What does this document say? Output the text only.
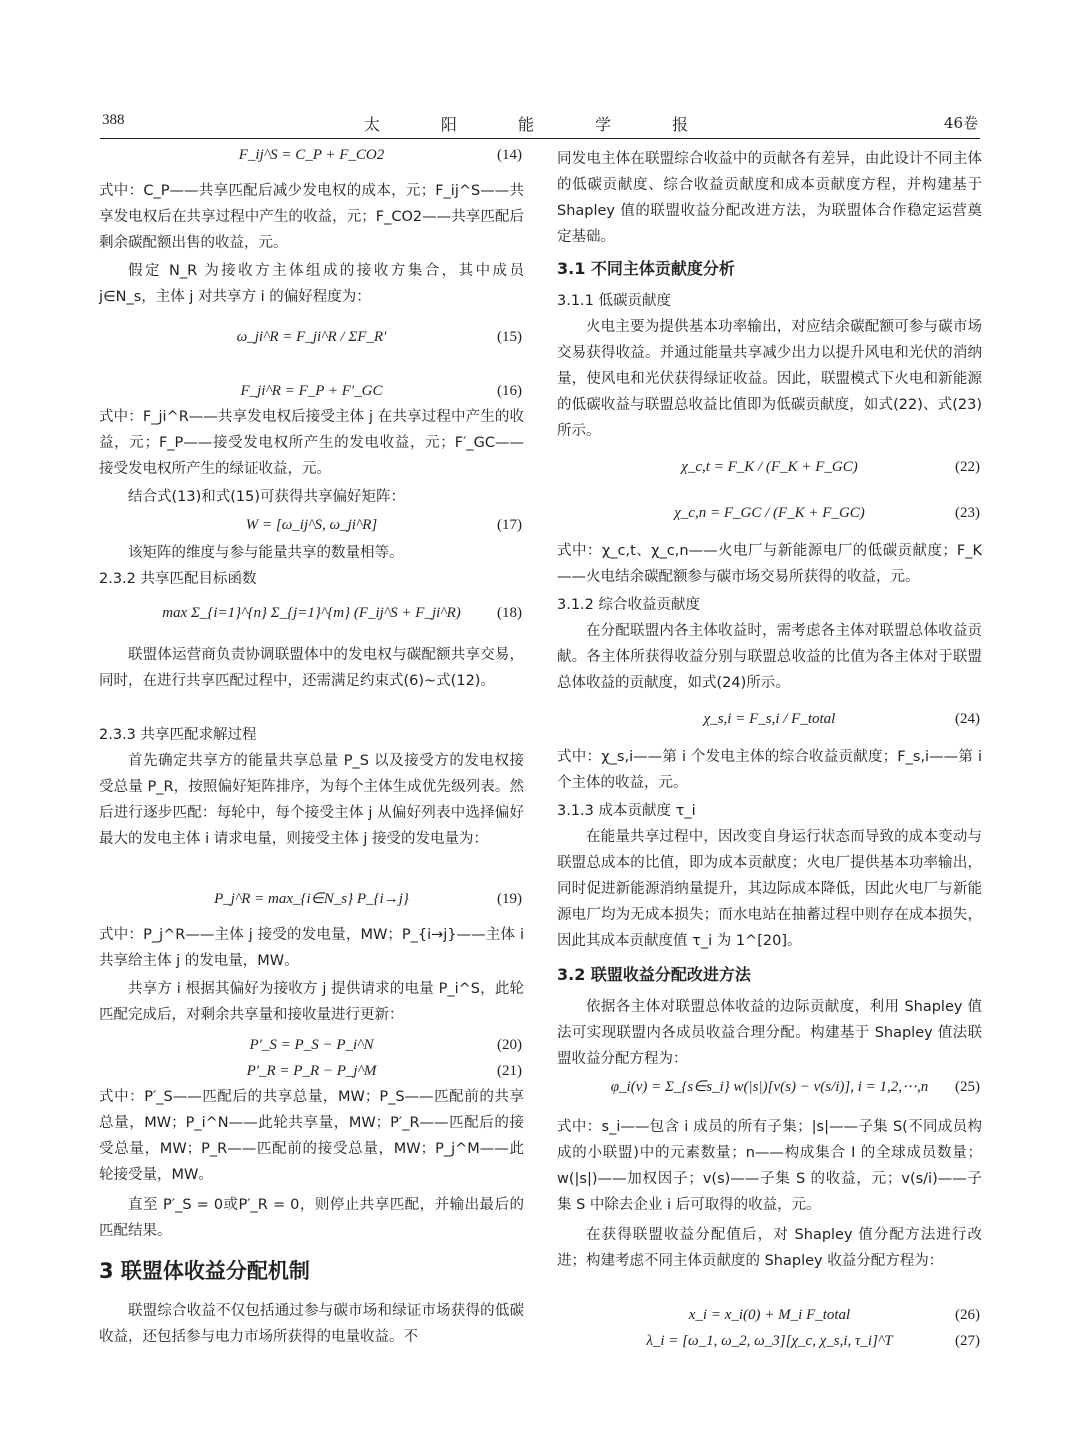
388	太 阳 能 学 报	46卷
F_ij^S = C_P + F_CO2	(14)

式中：C_P——共享匹配后减少发电权的成本，元；F_ij^S——共享发电权后在共享过程中产生的收益，元；F_CO2——共享匹配后剩余碳配额出售的收益，元。

假定 N_R 为接收方主体组成的接收方集合，其中成员 j∈N_s，主体 j 对共享方 i 的偏好程度为：

ω_ji^R = F_ji^R / ΣF_R′	(15)
F_ji^R = F_P + F′_GC	(16)

式中：F_ji^R——共享发电权后接受主体 j 在共享过程中产生的收益，元；F_P——接受发电权所产生的发电收益，元；F′_GC——接受发电权所产生的绿证收益，元。

结合式(13)和式(15)可获得共享偏好矩阵：

W = [ω_ij^S, ω_ji^R]	(17)

该矩阵的维度与参与能量共享的数量相等。

2.3.2 共享匹配目标函数
max Σ_{i=1}^{n} Σ_{j=1}^{m} (F_ij^S + F_ji^R)	(18)

联盟体运营商负责协调联盟体中的发电权与碳配额共享交易，同时，在进行共享匹配过程中，还需满足约束式(6)~式(12)。

2.3.3 共享匹配求解过程

首先确定共享方的能量共享总量 P_S 以及接受方的发电权接受总量 P_R，按照偏好矩阵排序，为每个主体生成优先级列表。然后进行逐步匹配：每轮中，每个接受主体 j 从偏好列表中选择偏好最大的发电主体 i 请求电量，则接受主体 j 接受的发电量为：

P_j^R = max_{i∈N_s} P_{i→j}	(19)

式中：P_j^R——主体 j 接受的发电量，MW；P_{i→j}——主体 i 共享给主体 j 的发电量，MW。

共享方 i 根据其偏好为接收方 j 提供请求的电量 P_i^S，此轮匹配完成后，对剩余共享量和接收量进行更新：

P′_S = P_S − P_i^N	(20)
P′_R = P_R − P_j^M	(21)

式中：P′_S——匹配后的共享总量，MW；P_S——匹配前的共享总量，MW；P_i^N——此轮共享量，MW；P′_R——匹配后的接受总量，MW；P_R——匹配前的接受总量，MW；P_j^M——此轮接受量，MW。

直至 P′_S = 0或P′_R = 0，则停止共享匹配，并输出最后的匹配结果。

3 联盟体收益分配机制

联盟综合收益不仅包括通过参与碳市场和绿证市场获得的低碳收益，还包括参与电力市场所获得的电量收益。不

同发电主体在联盟综合收益中的贡献各有差异，由此设计不同主体的低碳贡献度、综合收益贡献度和成本贡献度方程，并构建基于 Shapley 值的联盟收益分配改进方法，为联盟体合作稳定运营奠定基础。

3.1 不同主体贡献度分析
3.1.1 低碳贡献度

火电主要为提供基本功率输出，对应结余碳配额可参与碳市场交易获得收益。并通过能量共享减少出力以提升风电和光伏的消纳量，使风电和光伏获得绿证收益。因此，联盟模式下火电和新能源的低碳收益与联盟总收益比值即为低碳贡献度，如式(22)、式(23)所示。

χ_c,t = F_K / (F_K + F_GC)	(22)
χ_c,n = F_GC / (F_K + F_GC)	(23)

式中：χ_c,t、χ_c,n——火电厂与新能源电厂的低碳贡献度；F_K——火电结余碳配额参与碳市场交易所获得的收益，元。

3.1.2 综合收益贡献度

在分配联盟内各主体收益时，需考虑各主体对联盟总体收益贡献。各主体所获得收益分别与联盟总收益的比值为各主体对于联盟总体收益的贡献度，如式(24)所示。

χ_s,i = F_s,i / F_total	(24)

式中：χ_s,i——第 i 个发电主体的综合收益贡献度；F_s,i——第 i 个主体的收益，元。

3.1.3 成本贡献度 τ_i

在能量共享过程中，因改变自身运行状态而导致的成本变动与联盟总成本的比值，即为成本贡献度；火电厂提供基本功率输出，同时促进新能源消纳量提升，其边际成本降低，因此火电厂与新能源电厂均为无成本损失；而水电站在抽蓄过程中则存在成本损失，因此其成本贡献度值 τ_i 为 1^[20]。

3.2 联盟收益分配改进方法

依据各主体对联盟总体收益的边际贡献度，利用 Shapley 值法可实现联盟内各成员收益合理分配。构建基于 Shapley 值法联盟收益分配方程为：

φ_i(v) = Σ_{s∈s_i} w(|s|)[v(s) − v(s/i)], i = 1,2,⋯,n	(25)

式中：s_i——包含 i 成员的所有子集；|s|——子集 S(不同成员构成的小联盟)中的元素数量；n——构成集合 I 的全球成员数量；w(|s|)——加权因子；v(s)——子集 S 的收益，元；v(s/i)——子集 S 中除去企业 i 后可取得的收益，元。

在获得联盟收益分配值后，对 Shapley 值分配方法进行改进；构建考虑不同主体贡献度的 Shapley 收益分配方程为：

x_i = x_i(0) + M_i F_total	(26)
λ_i = [ω_1, ω_2, ω_3][χ_c, χ_s,i, τ_i]^T	(27)
